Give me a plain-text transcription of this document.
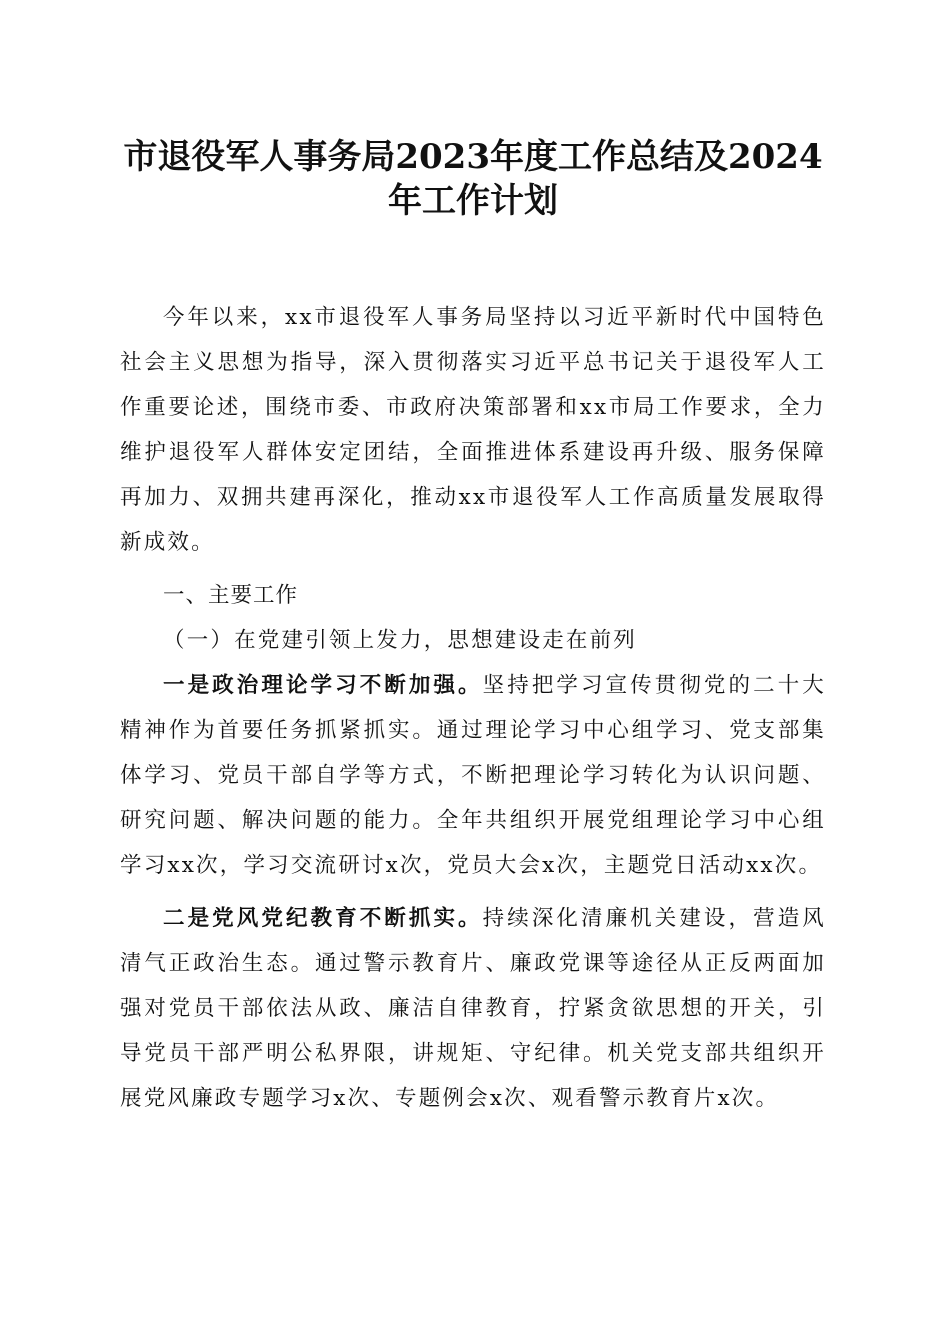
市退役军人事务局2023年度工作总结及2024年工作计划

今年以来，xx市退役军人事务局坚持以习近平新时代中国特色社会主义思想为指导，深入贯彻落实习近平总书记关于退役军人工作重要论述，围绕市委、市政府决策部署和xx市局工作要求，全力维护退役军人群体安定团结，全面推进体系建设再升级、服务保障再加力、双拥共建再深化，推动xx市退役军人工作高质量发展取得新成效。

一、主要工作

（一）在党建引领上发力，思想建设走在前列

一是政治理论学习不断加强。坚持把学习宣传贯彻党的二十大精神作为首要任务抓紧抓实。通过理论学习中心组学习、党支部集体学习、党员干部自学等方式，不断把理论学习转化为认识问题、研究问题、解决问题的能力。全年共组织开展党组理论学习中心组学习xx次，学习交流研讨x次，党员大会x次，主题党日活动xx次。

二是党风党纪教育不断抓实。持续深化清廉机关建设，营造风清气正政治生态。通过警示教育片、廉政党课等途径从正反两面加强对党员干部依法从政、廉洁自律教育，拧紧贪欲思想的开关，引导党员干部严明公私界限，讲规矩、守纪律。机关党支部共组织开展党风廉政专题学习x次、专题例会x次、观看警示教育片x次。
